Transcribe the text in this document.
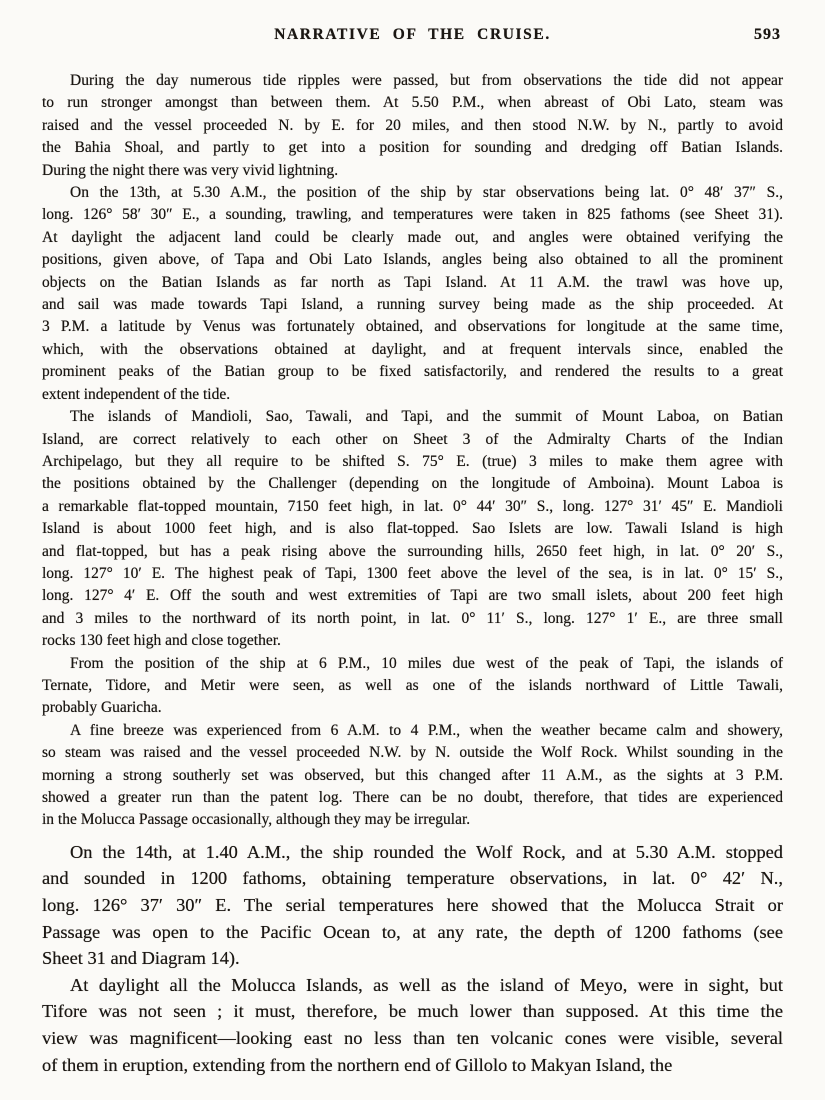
NARRATIVE OF THE CRUISE.	593

During the day numerous tide ripples were passed, but from observations the tide did not appear
to run stronger amongst than between them. At 5.50 P.M., when abreast of Obi Lato, steam was
raised and the vessel proceeded N. by E. for 20 miles, and then stood N.W. by N., partly to avoid
the Bahia Shoal, and partly to get into a position for sounding and dredging off Batian Islands.
During the night there was very vivid lightning.

On the 13th, at 5.30 A.M., the position of the ship by star observations being lat. 0° 48′ 37″ S.,
long. 126° 58′ 30″ E., a sounding, trawling, and temperatures were taken in 825 fathoms (see Sheet 31).
At daylight the adjacent land could be clearly made out, and angles were obtained verifying the
positions, given above, of Tapa and Obi Lato Islands, angles being also obtained to all the prominent
objects on the Batian Islands as far north as Tapi Island. At 11 A.M. the trawl was hove up,
and sail was made towards Tapi Island, a running survey being made as the ship proceeded. At
3 P.M. a latitude by Venus was fortunately obtained, and observations for longitude at the same time,
which, with the observations obtained at daylight, and at frequent intervals since, enabled the
prominent peaks of the Batian group to be fixed satisfactorily, and rendered the results to a great
extent independent of the tide.

The islands of Mandioli, Sao, Tawali, and Tapi, and the summit of Mount Laboa, on Batian
Island, are correct relatively to each other on Sheet 3 of the Admiralty Charts of the Indian
Archipelago, but they all require to be shifted S. 75° E. (true) 3 miles to make them agree with
the positions obtained by the Challenger (depending on the longitude of Amboina). Mount Laboa is
a remarkable flat-topped mountain, 7150 feet high, in lat. 0° 44′ 30″ S., long. 127° 31′ 45″ E. Mandioli
Island is about 1000 feet high, and is also flat-topped. Sao Islets are low. Tawali Island is high
and flat-topped, but has a peak rising above the surrounding hills, 2650 feet high, in lat. 0° 20′ S.,
long. 127° 10′ E. The highest peak of Tapi, 1300 feet above the level of the sea, is in lat. 0° 15′ S.,
long. 127° 4′ E. Off the south and west extremities of Tapi are two small islets, about 200 feet high
and 3 miles to the northward of its north point, in lat. 0° 11′ S., long. 127° 1′ E., are three small
rocks 130 feet high and close together.

From the position of the ship at 6 P.M., 10 miles due west of the peak of Tapi, the islands of
Ternate, Tidore, and Metir were seen, as well as one of the islands northward of Little Tawali,
probably Guaricha.

A fine breeze was experienced from 6 A.M. to 4 P.M., when the weather became calm and showery,
so steam was raised and the vessel proceeded N.W. by N. outside the Wolf Rock. Whilst sounding in the
morning a strong southerly set was observed, but this changed after 11 A.M., as the sights at 3 P.M.
showed a greater run than the patent log. There can be no doubt, therefore, that tides are experienced
in the Molucca Passage occasionally, although they may be irregular.

On the 14th, at 1.40 A.M., the ship rounded the Wolf Rock, and at 5.30 A.M. stopped
and sounded in 1200 fathoms, obtaining temperature observations, in lat. 0° 42′ N.,
long. 126° 37′ 30″ E. The serial temperatures here showed that the Molucca Strait or
Passage was open to the Pacific Ocean to, at any rate, the depth of 1200 fathoms (see
Sheet 31 and Diagram 14).

At daylight all the Molucca Islands, as well as the island of Meyo, were in sight, but
Tifore was not seen ; it must, therefore, be much lower than supposed. At this time the
view was magnificent—looking east no less than ten volcanic cones were visible, several
of them in eruption, extending from the northern end of Gillolo to Makyan Island, the
